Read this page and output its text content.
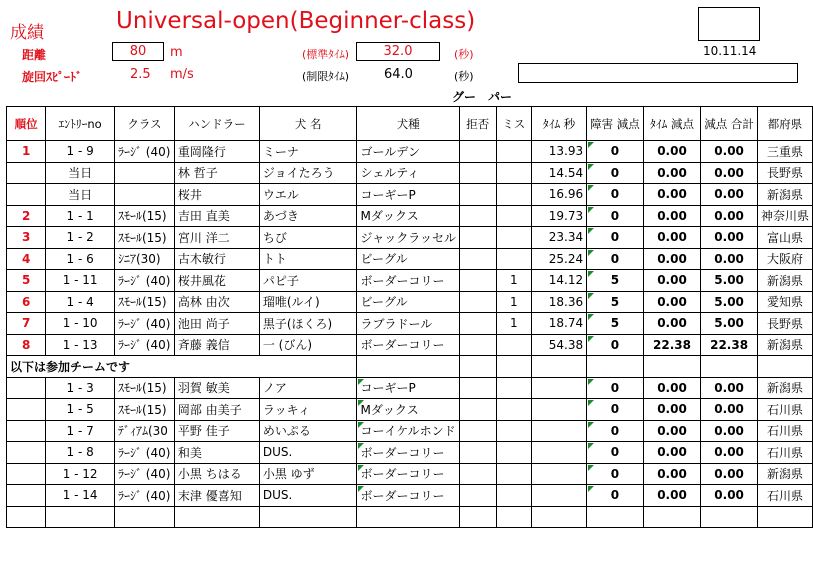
成績	Universal-open(Beginner-class)
距離	80	m
旋回ｽﾋﾟｰﾄﾞ	2.5 m/s
(標準ﾀｲﾑ)	32.0	(秒)
(制限ﾀｲﾑ)	64.0	(秒)
10.11.14
グー　パー
順位	ｴﾝﾄﾘｰno	クラス	ハンドラー	犬 名	犬種	拒否	ミス	ﾀｲﾑ 秒	障害 減点	ﾀｲﾑ 減点	減点 合計	都府県
1	1 - 9	ﾗｰｼﾞ (40)	重岡隆行	ミーナ	ゴールデン			13.93	0	0.00	0.00	三重県
	当日		林 哲子	ジョイたろう	シェルティ			14.54	0	0.00	0.00	長野県
	当日		桜井	ウエル	コーギーP			16.96	0	0.00	0.00	新潟県
2	1 - 1	ｽﾓｰﾙ(15)	吉田 直美	あづき	Mダックス			19.73	0	0.00	0.00	神奈川県
3	1 - 2	ｽﾓｰﾙ(15)	宮川 洋二	ちび	ジャックラッセル			23.34	0	0.00	0.00	富山県
4	1 - 6	ｼﾆｱ(30)	古木敏行	トト	ビーグル			25.24	0	0.00	0.00	大阪府
5	1 - 11	ﾗｰｼﾞ (40)	桜井風花	パピ子	ボーダーコリー		1	14.12	5	0.00	5.00	新潟県
6	1 - 4	ｽﾓｰﾙ(15)	高林 由次	瑠唯(ルイ)	ビーグル		1	18.36	5	0.00	5.00	愛知県
7	1 - 10	ﾗｰｼﾞ (40)	池田 尚子	黒子(ほくろ)	ラブラドール		1	18.74	5	0.00	5.00	長野県
8	1 - 13	ﾗｰｼﾞ (40)	斉藤 義信	一 (びん)	ボーダーコリー			54.38	0	22.38	22.38	新潟県
以下は参加チームです												
	1 - 3	ｽﾓｰﾙ(15)	羽賀 敏美	ノア	コーギーP				0	0.00	0.00	新潟県
	1 - 5	ｽﾓｰﾙ(15)	岡部 由美子	ラッキィ	Mダックス				0	0.00	0.00	石川県
	1 - 7	ﾃﾞｨｱﾑ(30	平野 佳子	めいぷる	コーイケルホンド				0	0.00	0.00	石川県
	1 - 8	ﾗｰｼﾞ (40)	和美	DUS.	ボーダーコリー				0	0.00	0.00	石川県
	1 - 12	ﾗｰｼﾞ (40)	小黒 ちはる	小黒 ゆず	ボーダーコリー				0	0.00	0.00	新潟県
	1 - 14	ﾗｰｼﾞ (40)	末津 優喜知	DUS.	ボーダーコリー				0	0.00	0.00	石川県
